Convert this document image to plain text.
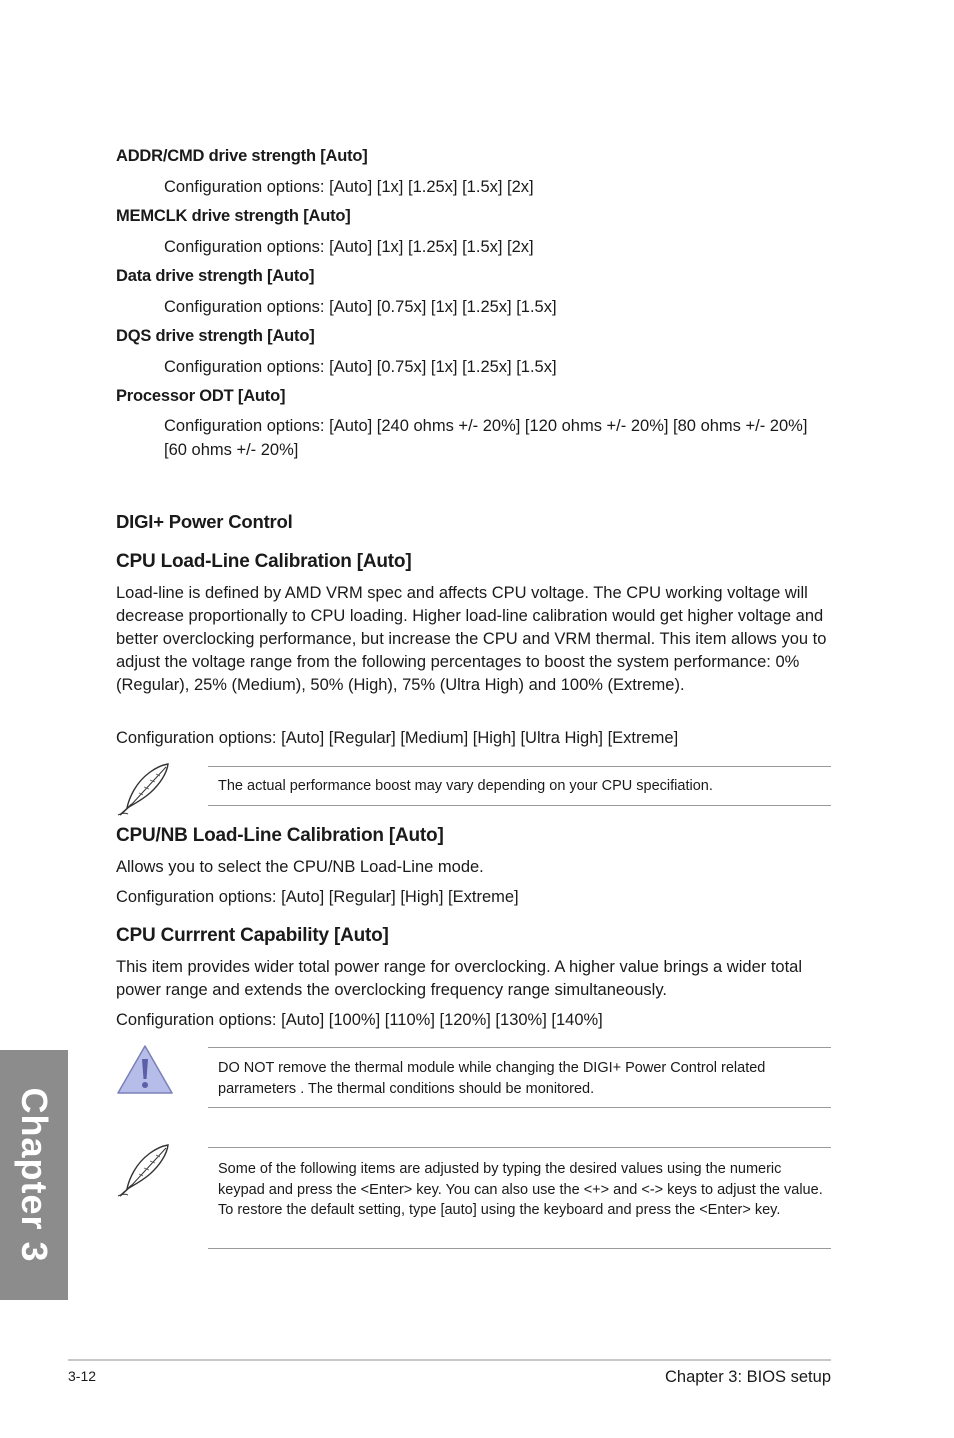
ADDR/CMD drive strength [Auto]
Configuration options: [Auto] [1x] [1.25x] [1.5x] [2x]
MEMCLK drive strength [Auto]
Configuration options: [Auto] [1x] [1.25x] [1.5x] [2x]
Data drive strength [Auto]
Configuration options: [Auto] [0.75x] [1x] [1.25x] [1.5x]
DQS drive strength [Auto]
Configuration options: [Auto] [0.75x] [1x] [1.25x] [1.5x]
Processor ODT [Auto]
Configuration options: [Auto] [240 ohms +/- 20%] [120 ohms +/- 20%] [80 ohms +/- 20%] [60 ohms +/- 20%]
DIGI+ Power Control
CPU Load-Line Calibration [Auto]
Load-line is defined by AMD VRM spec and affects CPU voltage. The CPU working voltage will decrease proportionally to CPU loading. Higher load-line calibration would get higher voltage and better overclocking performance, but increase the CPU and VRM thermal. This item allows you to adjust the voltage range from the following percentages to boost the system performance: 0% (Regular), 25% (Medium), 50% (High), 75% (Ultra High) and 100% (Extreme).
Configuration options: [Auto] [Regular] [Medium] [High] [Ultra High] [Extreme]
The actual performance boost may vary depending on your CPU specifiation.
CPU/NB Load-Line Calibration [Auto]
Allows you to select the CPU/NB Load-Line mode.
Configuration options: [Auto] [Regular] [High] [Extreme]
CPU Currrent Capability [Auto]
This item provides wider total power range for overclocking. A higher value brings a wider total power range and extends the overclocking frequency range simultaneously.
Configuration options: [Auto] [100%] [110%] [120%] [130%] [140%]
DO NOT remove the thermal module while changing the DIGI+ Power Control related parrameters . The thermal conditions should be monitored.
Some of the following items are adjusted by typing the desired values using the numeric keypad and press the <Enter> key. You can also use the <+> and <-> keys to adjust the value. To restore the default setting, type [auto] using the keyboard and press the <Enter> key.
Chapter 3
3-12	Chapter 3: BIOS setup
